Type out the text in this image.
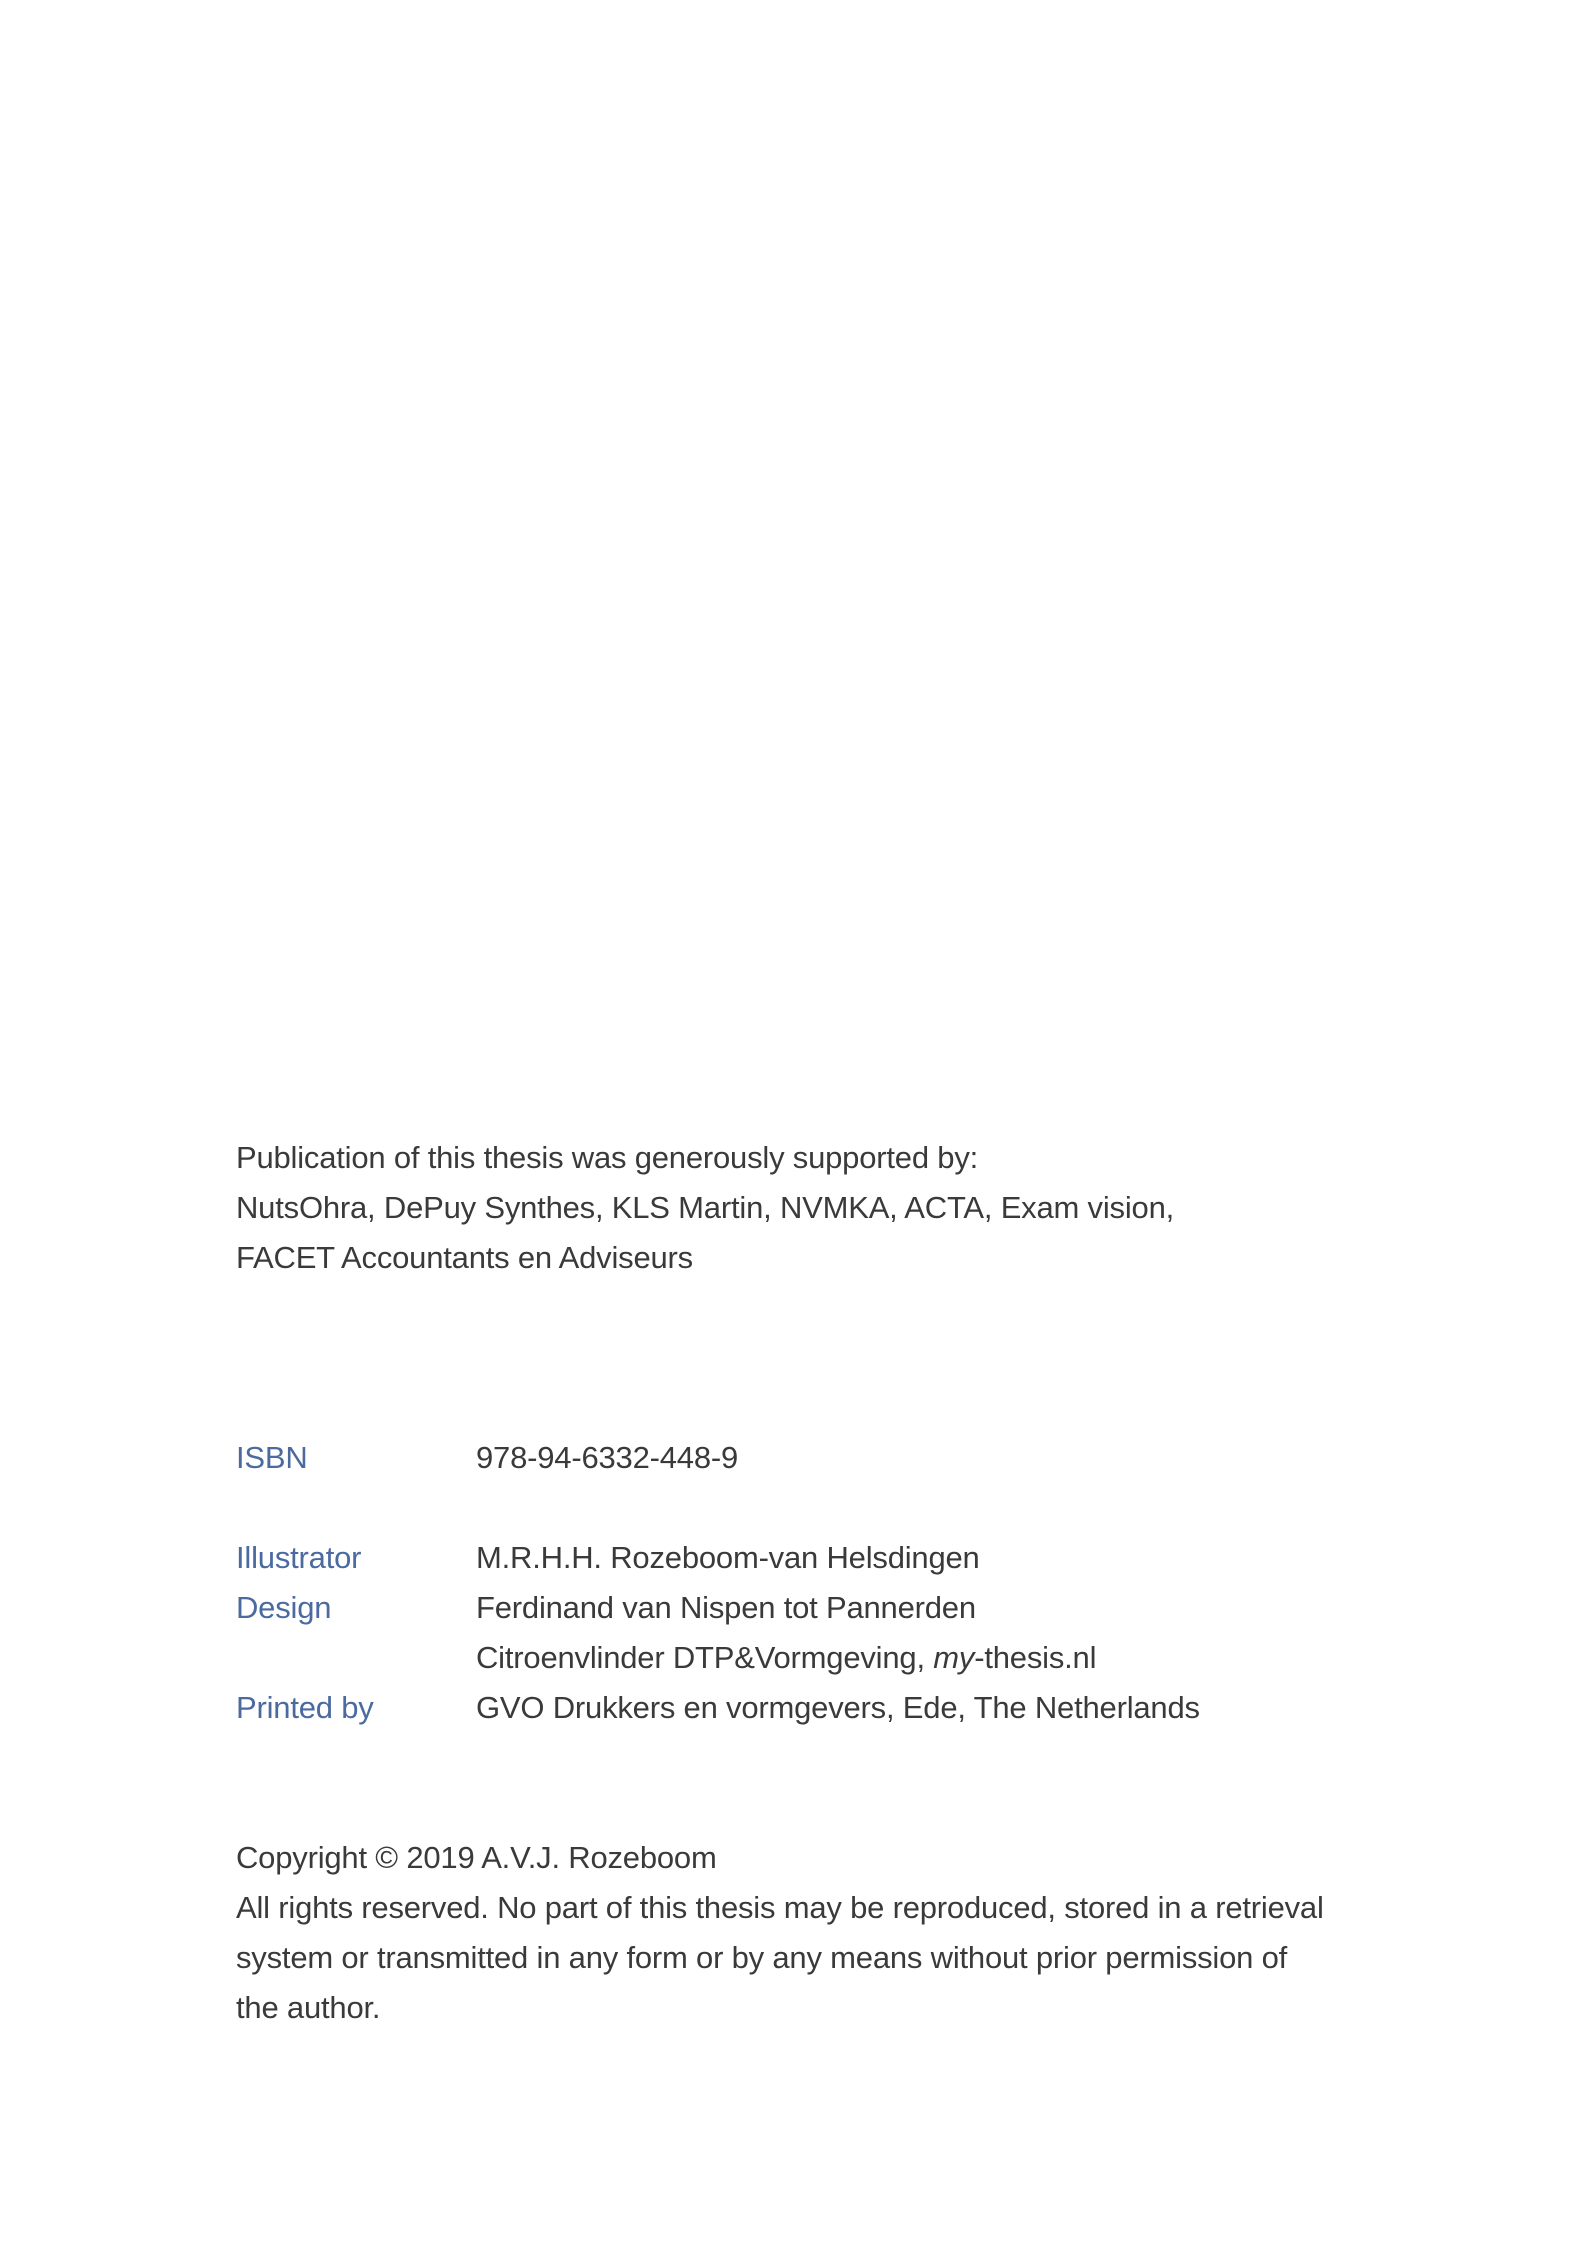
Publication of this thesis was generously supported by:
NutsOhra, DePuy Synthes, KLS Martin, NVMKA, ACTA, Exam vision,
FACET Accountants en Adviseurs
ISBN	978-94-6332-448-9
Illustrator	M.R.H.H. Rozeboom-van Helsdingen
Design	Ferdinand van Nispen tot Pannerden
Citroenvlinder DTP&Vormgeving, my-thesis.nl
Printed by	GVO Drukkers en vormgevers, Ede, The Netherlands
Copyright © 2019 A.V.J. Rozeboom
All rights reserved. No part of this thesis may be reproduced, stored in a retrieval
system or transmitted in any form or by any means without prior permission of
the author.
